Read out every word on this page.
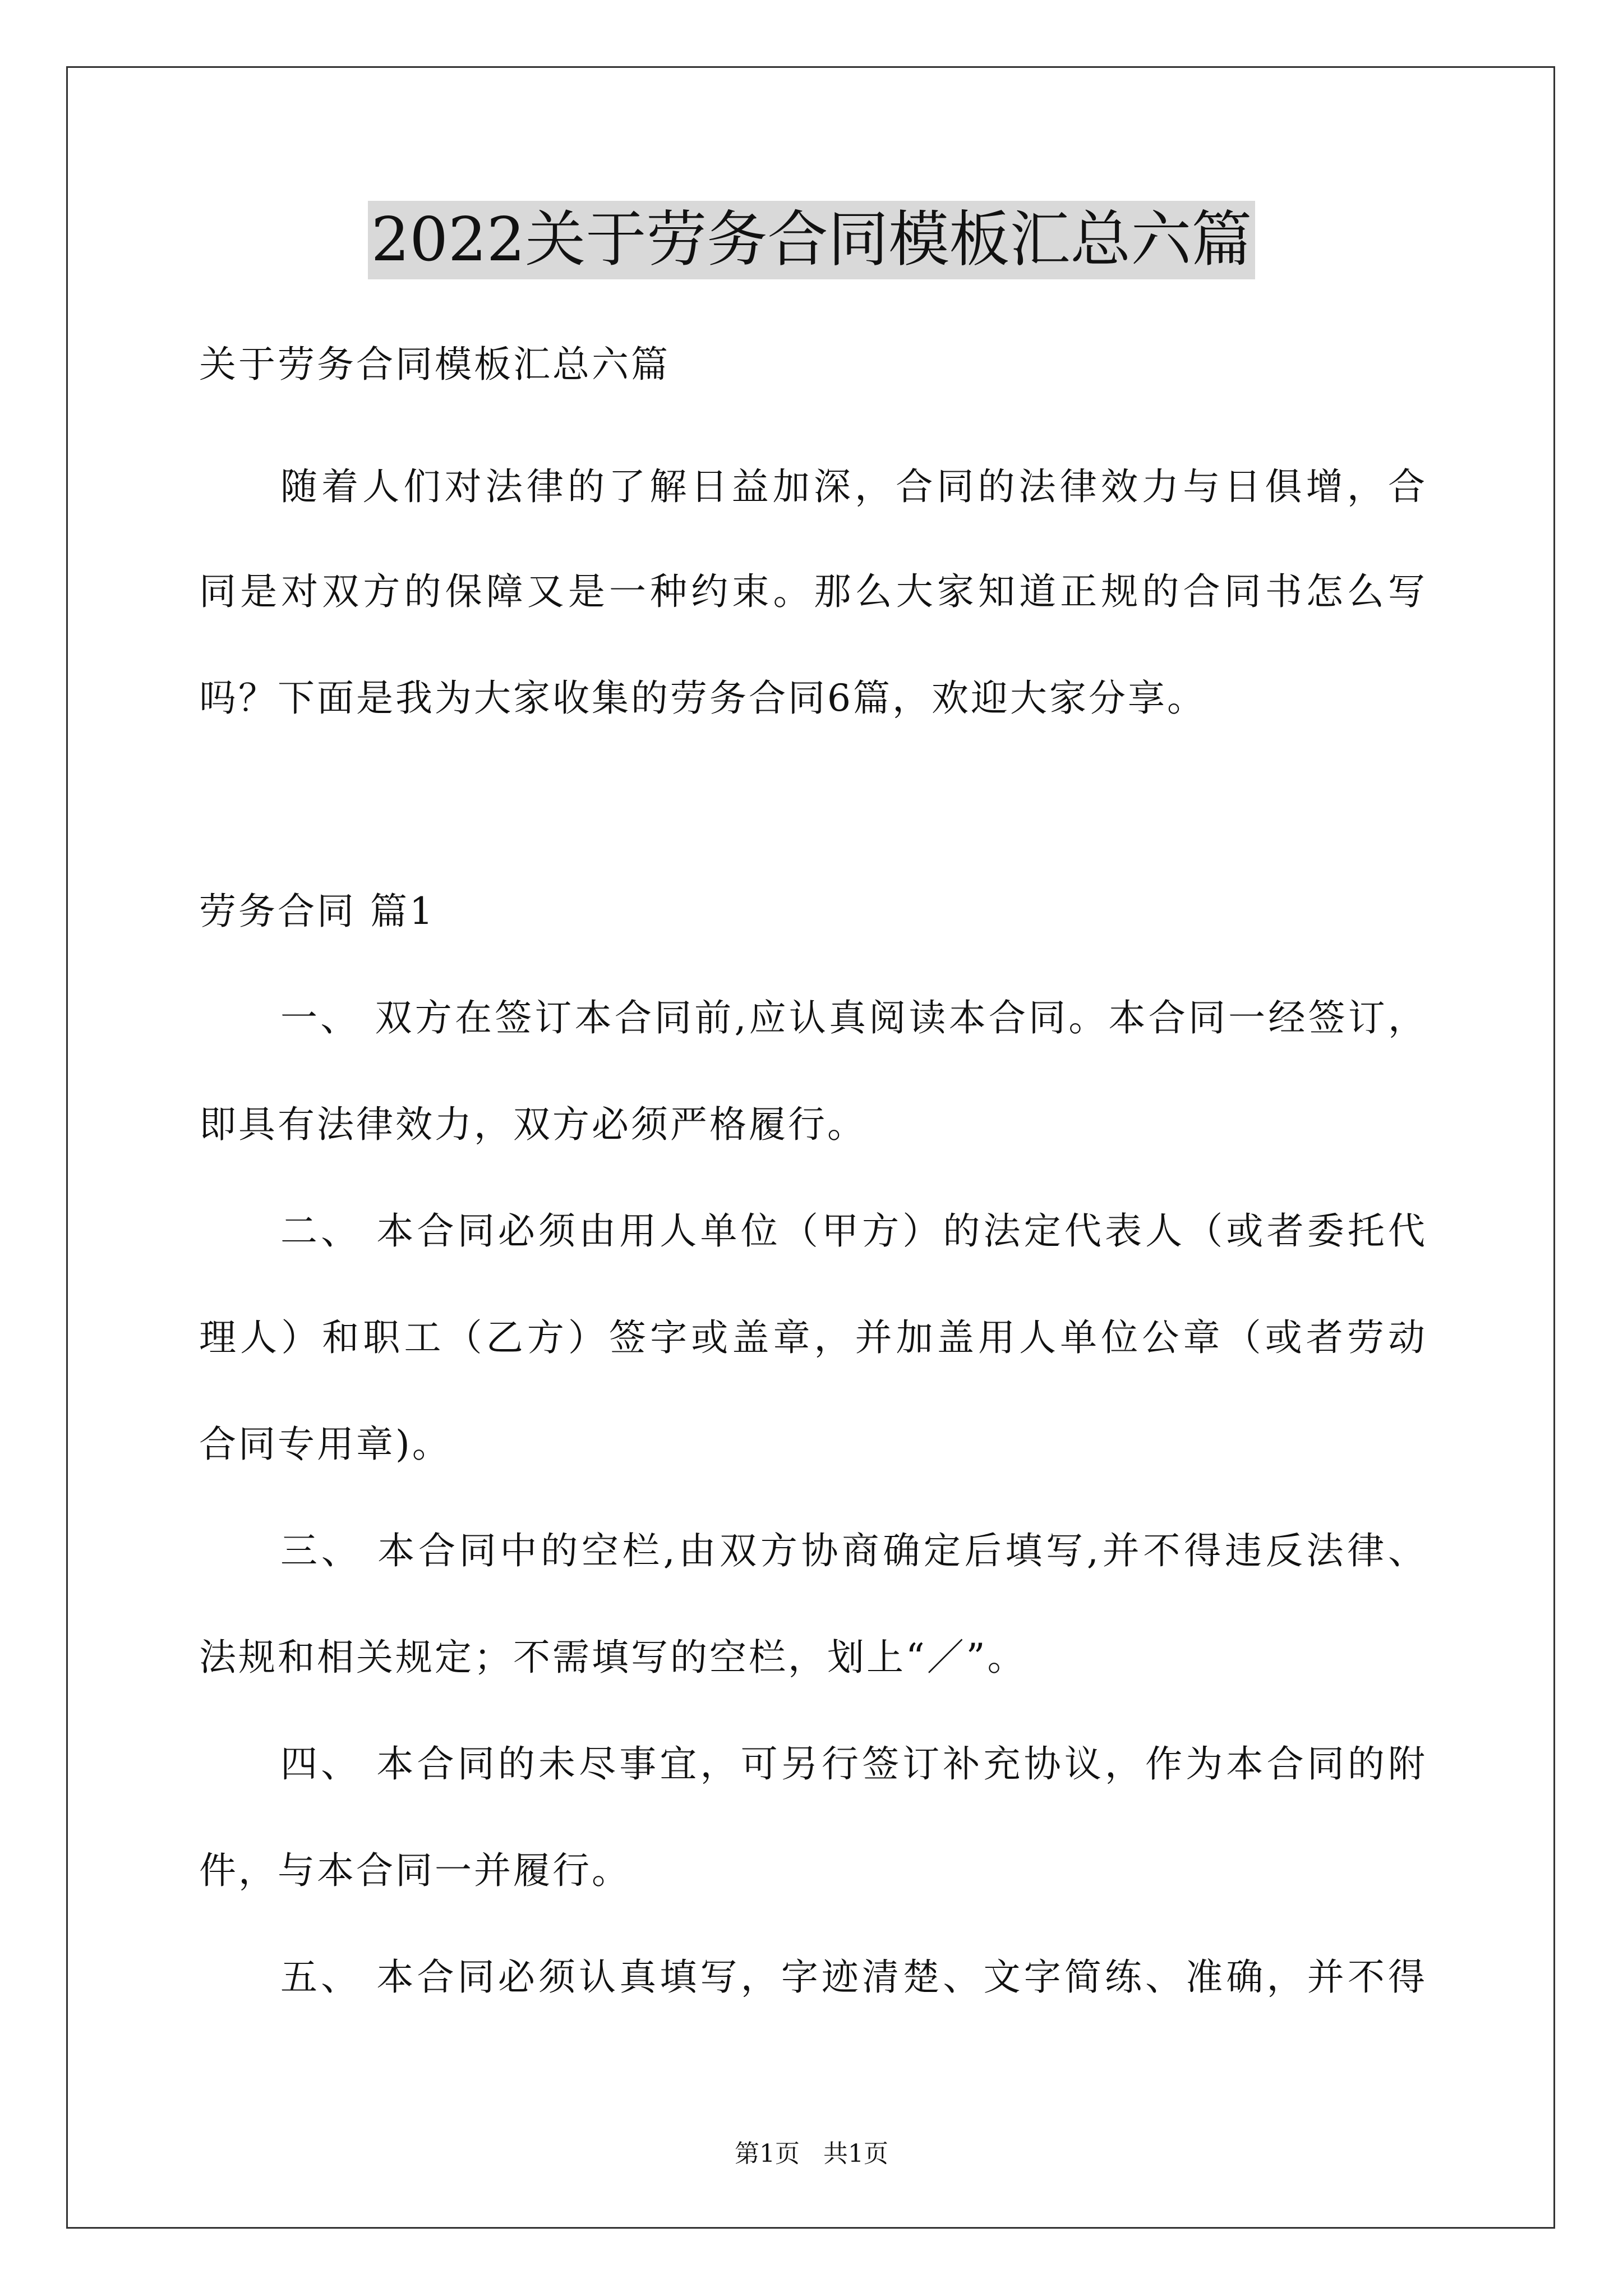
2022关于劳务合同模板汇总六篇
关于劳务合同模板汇总六篇
随着人们对法律的了解日益加深，合同的法律效力与日俱增，合
同是对双方的保障又是一种约束。那么大家知道正规的合同书怎么写
吗？下面是我为大家收集的劳务合同6篇，欢迎大家分享。
劳务合同 篇1
一、 双方在签订本合同前,应认真阅读本合同。本合同一经签订，
即具有法律效力，双方必须严格履行。
二、 本合同必须由用人单位（甲方）的法定代表人（或者委托代
理人）和职工（乙方）签字或盖章，并加盖用人单位公章（或者劳动
合同专用章)。
三、 本合同中的空栏,由双方协商确定后填写,并不得违反法律、
法规和相关规定；不需填写的空栏，划上“／”。
四、 本合同的未尽事宜，可另行签订补充协议，作为本合同的附
件，与本合同一并履行。
五、 本合同必须认真填写，字迹清楚、文字简练、准确，并不得
第1页 共1页
